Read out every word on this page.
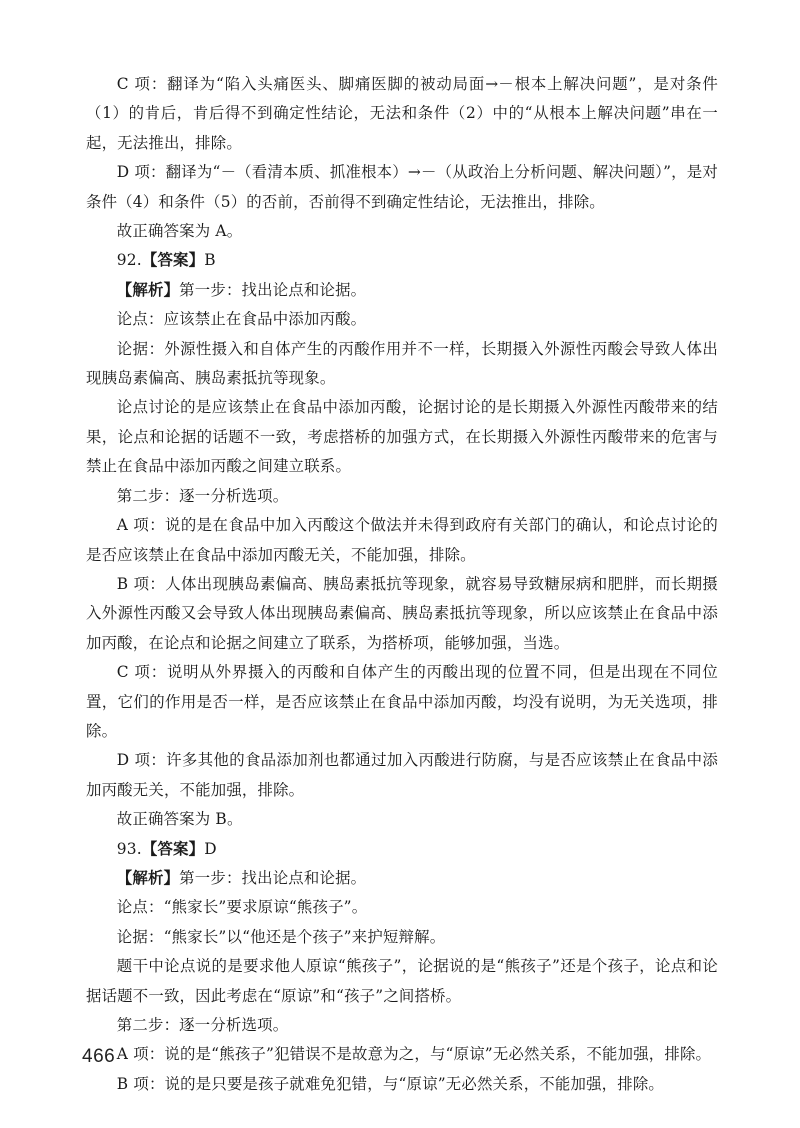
C 项：翻译为“陷入头痛医头、脚痛医脚的被动局面→－根本上解决问题”，是对条件（1）的肯后，肯后得不到确定性结论，无法和条件（2）中的“从根本上解决问题”串在一起，无法推出，排除。

D 项：翻译为“－（看清本质、抓准根本）→－（从政治上分析问题、解决问题）”，是对条件（4）和条件（5）的否前，否前得不到确定性结论，无法推出，排除。

故正确答案为 A。

92.【答案】B

【解析】第一步：找出论点和论据。

论点：应该禁止在食品中添加丙酸。

论据：外源性摄入和自体产生的丙酸作用并不一样，长期摄入外源性丙酸会导致人体出现胰岛素偏高、胰岛素抵抗等现象。

论点讨论的是应该禁止在食品中添加丙酸，论据讨论的是长期摄入外源性丙酸带来的结果，论点和论据的话题不一致，考虑搭桥的加强方式，在长期摄入外源性丙酸带来的危害与禁止在食品中添加丙酸之间建立联系。

第二步：逐一分析选项。

A 项：说的是在食品中加入丙酸这个做法并未得到政府有关部门的确认，和论点讨论的是否应该禁止在食品中添加丙酸无关，不能加强，排除。

B 项：人体出现胰岛素偏高、胰岛素抵抗等现象，就容易导致糖尿病和肥胖，而长期摄入外源性丙酸又会导致人体出现胰岛素偏高、胰岛素抵抗等现象，所以应该禁止在食品中添加丙酸，在论点和论据之间建立了联系，为搭桥项，能够加强，当选。

C 项：说明从外界摄入的丙酸和自体产生的丙酸出现的位置不同，但是出现在不同位置，它们的作用是否一样，是否应该禁止在食品中添加丙酸，均没有说明，为无关选项，排除。

D 项：许多其他的食品添加剂也都通过加入丙酸进行防腐，与是否应该禁止在食品中添加丙酸无关，不能加强，排除。

故正确答案为 B。

93.【答案】D

【解析】第一步：找出论点和论据。

论点：“熊家长”要求原谅“熊孩子”。

论据：“熊家长”以“他还是个孩子”来护短辩解。

题干中论点说的是要求他人原谅“熊孩子”，论据说的是“熊孩子”还是个孩子，论点和论据话题不一致，因此考虑在“原谅”和“孩子”之间搭桥。

第二步：逐一分析选项。

A 项：说的是“熊孩子”犯错误不是故意为之，与“原谅”无必然关系，不能加强，排除。

B 项：说的是只要是孩子就难免犯错，与“原谅”无必然关系，不能加强，排除。

466
